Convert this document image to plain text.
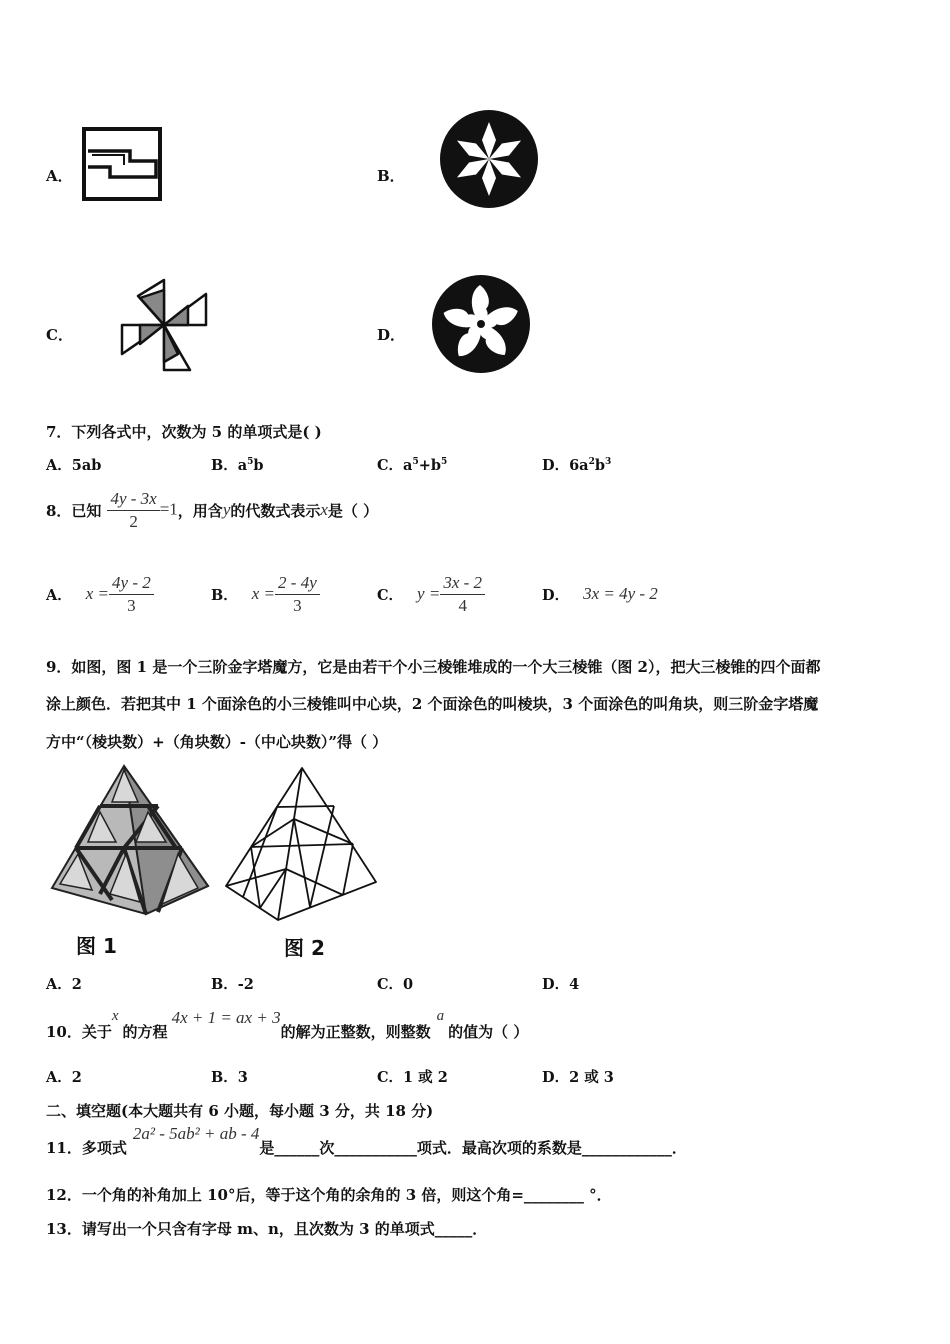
A．	B．
C．	D．
7．下列各式中，次数为 5 的单项式是( )
A．5ab	B．$a^5b$	C．$a^5+b^5$	D．$6a^2b^3$
8．已知 $\frac{4y - 3x}{2} =1$ ，用含 y 的代数式表示 x 是（ ）
A． $x = \frac{4y - 2}{3}$	B． $x = \frac{2 - 4y}{3}$	C． $y = \frac{3x - 2}{4}$	D． 3x = 4y - 2
9．如图，图 1 是一个三阶金字塔魔方，它是由若干个小三棱锥堆成的一个大三棱锥（图 2），把大三棱锥的四个面都
涂上颜色．若把其中 1 个面涂色的小三棱锥叫中心块，2 个面涂色的叫棱块，3 个面涂色的叫角块，则三阶金字塔魔
方中“（棱块数）+（角块数）-（中心块数）”得（ ）
图 1	图 2
A．2	B．-2	C．0	D．4
10．关于
x
的方程
4x + 1 = ax + 3
的解为正整数，则整数
a
的值为（ ）
A．2	B．3	C．1 或 2	D．2 或 3
二、填空题(本大题共有 6 小题，每小题 3 分，共 18 分)
11．多项式
2a² - 5ab² + ab - 4
是______次___________项式．最高次项的系数是____________．
12．一个角的补角加上 10°后，等于这个角的余角的 3 倍，则这个角=________ °．
13．请写出一个只含有字母 m、n，且次数为 3 的单项式_____．
